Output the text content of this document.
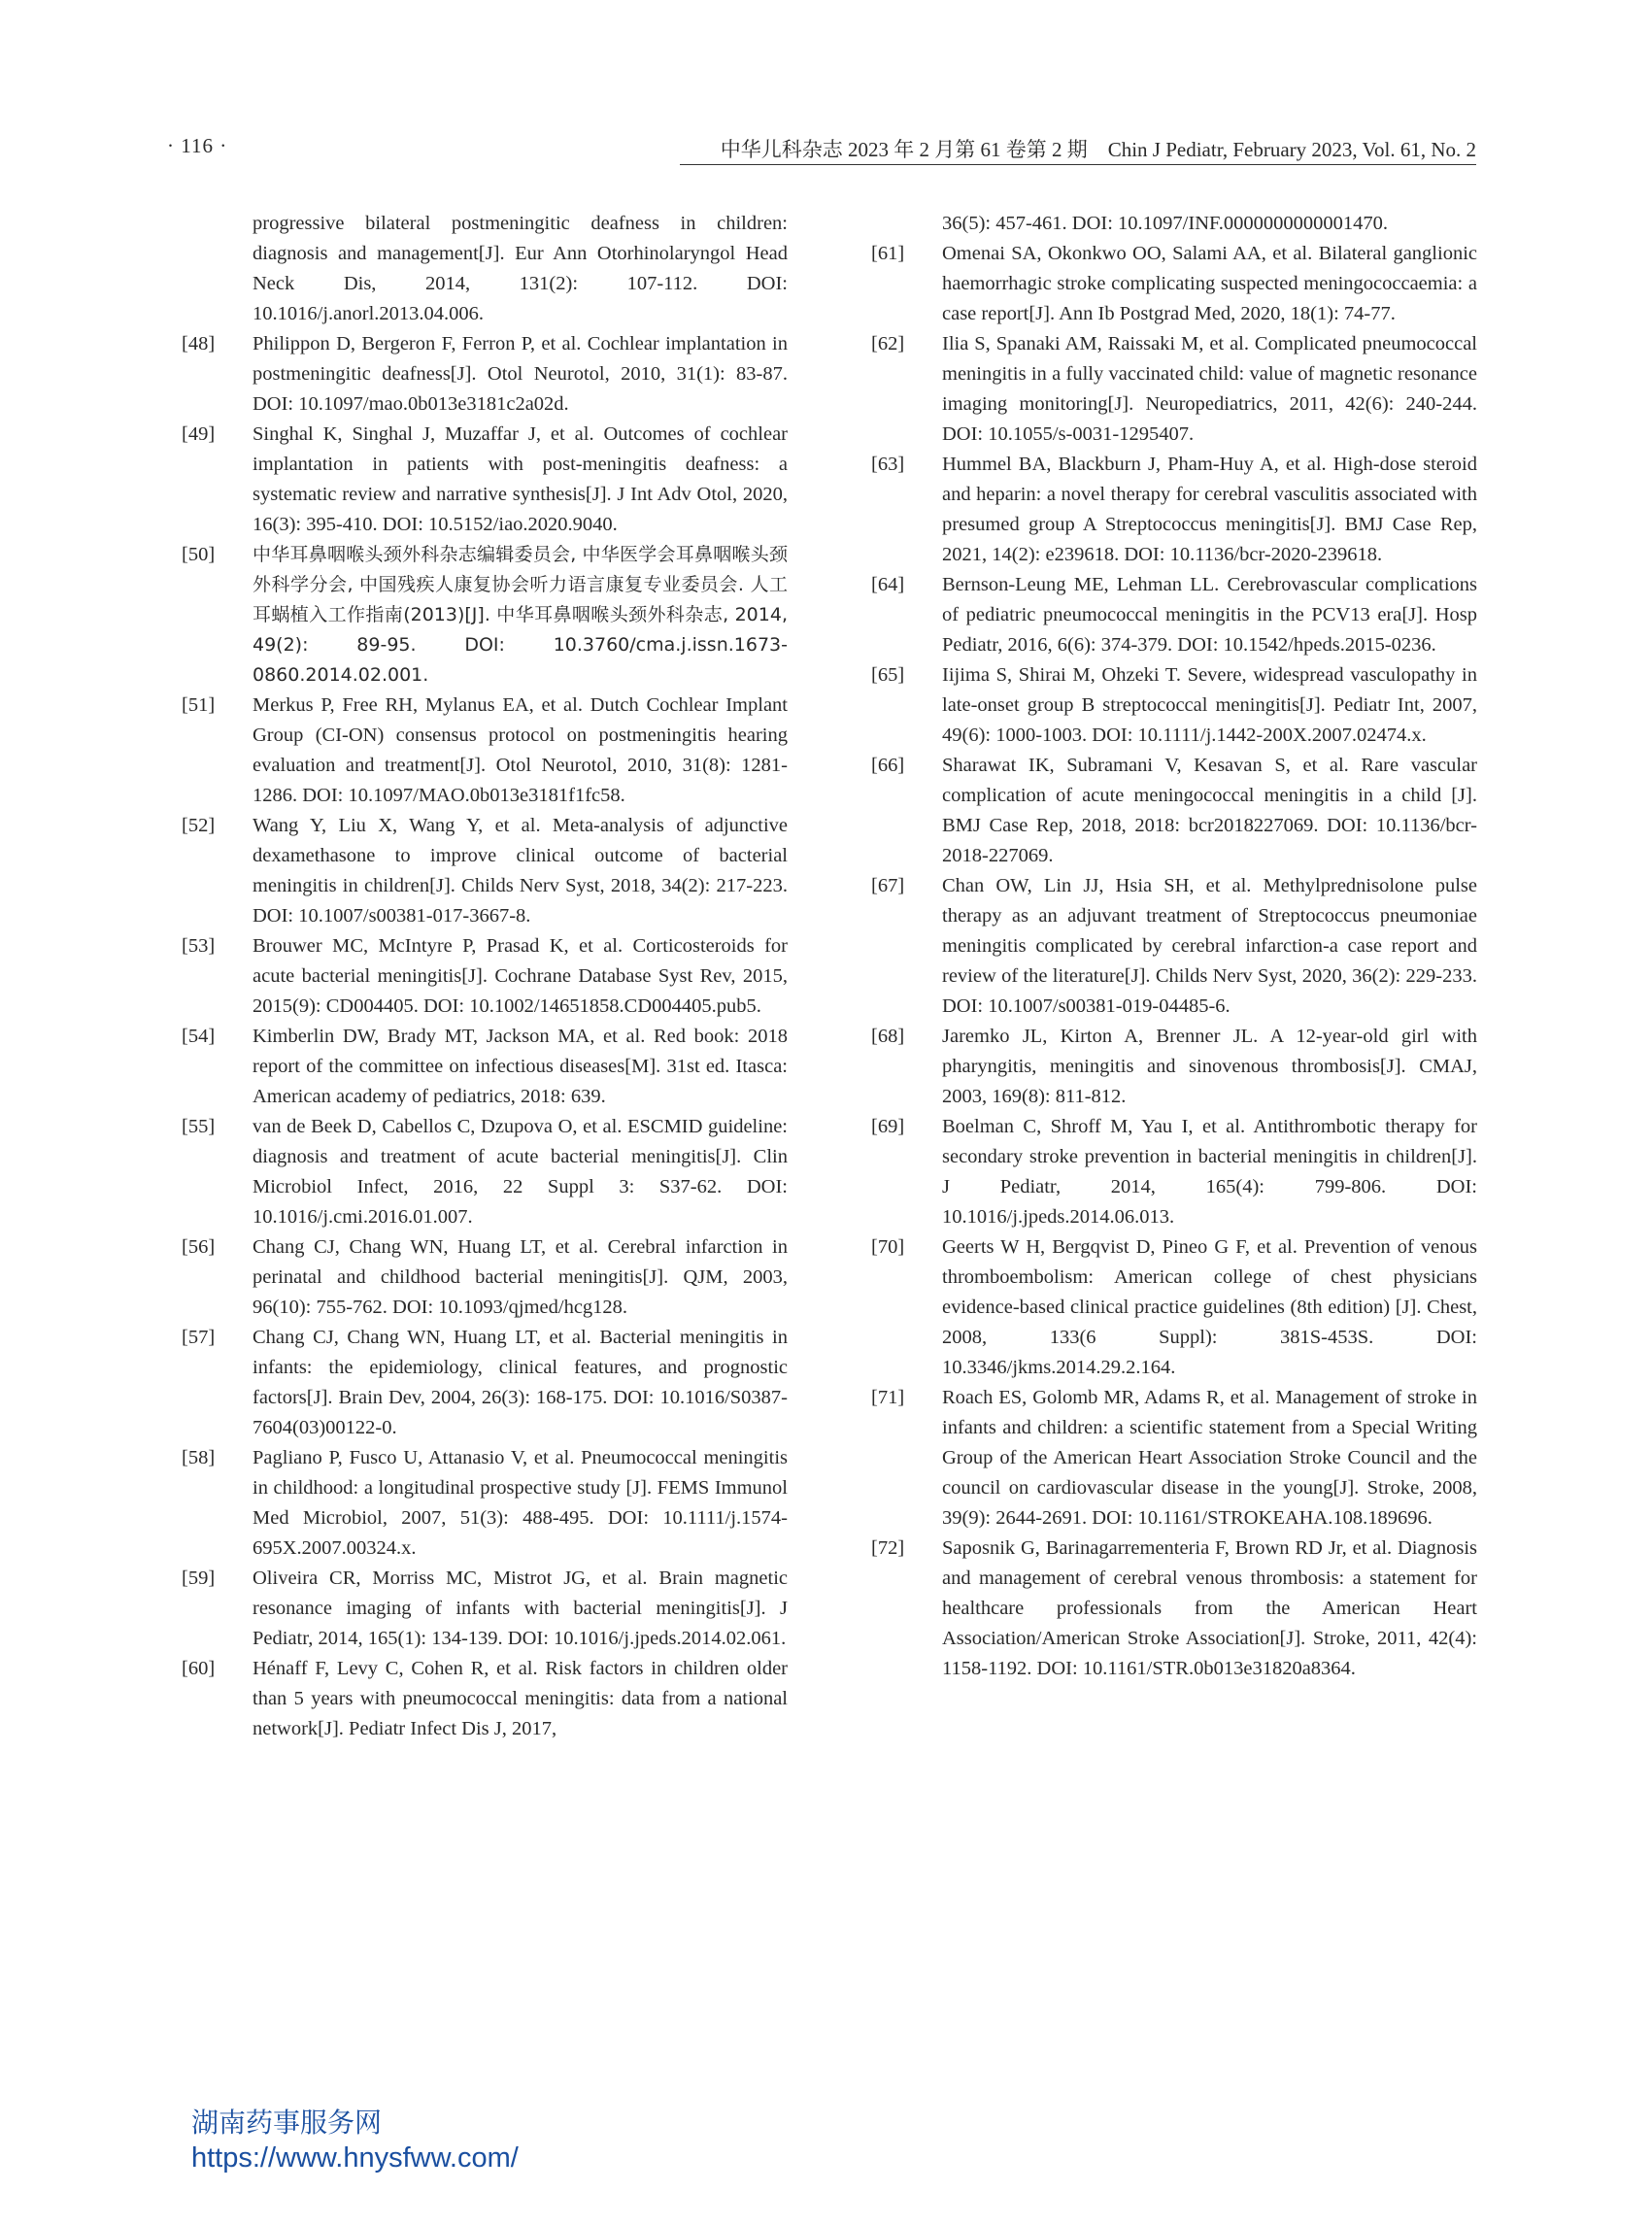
· 116 ·	中华儿科杂志 2023 年 2 月第 61 卷第 2 期　Chin J Pediatr, February 2023, Vol. 61, No. 2
progressive bilateral postmeningitic deafness in children: diagnosis and management[J]. Eur Ann Otorhinolaryngol Head Neck Dis, 2014, 131(2): 107-112. DOI: 10.1016/j.anorl.2013.04.006.
[48]	Philippon D, Bergeron F, Ferron P, et al. Cochlear implantation in postmeningitic deafness[J]. Otol Neurotol, 2010, 31(1): 83-87. DOI: 10.1097/mao.0b013e3181c2a02d.
[49]	Singhal K, Singhal J, Muzaffar J, et al. Outcomes of cochlear implantation in patients with post-meningitis deafness: a systematic review and narrative synthesis[J]. J Int Adv Otol, 2020, 16(3): 395-410. DOI: 10.5152/iao.2020.9040.
[50]	中华耳鼻咽喉头颈外科杂志编辑委员会, 中华医学会耳鼻咽喉头颈外科学分会, 中国残疾人康复协会听力语言康复专业委员会. 人工耳蜗植入工作指南(2013)[J]. 中华耳鼻咽喉头颈外科杂志, 2014, 49(2): 89-95. DOI: 10.3760/cma.j.issn.1673-0860.2014.02.001.
[51]	Merkus P, Free RH, Mylanus EA, et al. Dutch Cochlear Implant Group (CI-ON) consensus protocol on postmeningitis hearing evaluation and treatment[J]. Otol Neurotol, 2010, 31(8): 1281-1286. DOI: 10.1097/MAO.0b013e3181f1fc58.
[52]	Wang Y, Liu X, Wang Y, et al. Meta-analysis of adjunctive dexamethasone to improve clinical outcome of bacterial meningitis in children[J]. Childs Nerv Syst, 2018, 34(2): 217-223. DOI: 10.1007/s00381-017-3667-8.
[53]	Brouwer MC, McIntyre P, Prasad K, et al. Corticosteroids for acute bacterial meningitis[J]. Cochrane Database Syst Rev, 2015, 2015(9): CD004405. DOI: 10.1002/14651858.CD004405.pub5.
[54]	Kimberlin DW, Brady MT, Jackson MA, et al. Red book: 2018 report of the committee on infectious diseases[M]. 31st ed. Itasca: American academy of pediatrics, 2018: 639.
[55]	van de Beek D, Cabellos C, Dzupova O, et al. ESCMID guideline: diagnosis and treatment of acute bacterial meningitis[J]. Clin Microbiol Infect, 2016, 22 Suppl 3: S37-62. DOI: 10.1016/j.cmi.2016.01.007.
[56]	Chang CJ, Chang WN, Huang LT, et al. Cerebral infarction in perinatal and childhood bacterial meningitis[J]. QJM, 2003, 96(10): 755-762. DOI: 10.1093/qjmed/hcg128.
[57]	Chang CJ, Chang WN, Huang LT, et al. Bacterial meningitis in infants: the epidemiology, clinical features, and prognostic factors[J]. Brain Dev, 2004, 26(3): 168-175. DOI: 10.1016/S0387-7604(03)00122-0.
[58]	Pagliano P, Fusco U, Attanasio V, et al. Pneumococcal meningitis in childhood: a longitudinal prospective study [J]. FEMS Immunol Med Microbiol, 2007, 51(3): 488-495. DOI: 10.1111/j.1574-695X.2007.00324.x.
[59]	Oliveira CR, Morriss MC, Mistrot JG, et al. Brain magnetic resonance imaging of infants with bacterial meningitis[J]. J Pediatr, 2014, 165(1): 134-139. DOI: 10.1016/j.jpeds.2014.02.061.
[60]	Hénaff F, Levy C, Cohen R, et al. Risk factors in children older than 5 years with pneumococcal meningitis: data from a national network[J]. Pediatr Infect Dis J, 2017,
36(5): 457-461. DOI: 10.1097/INF.0000000000001470.
[61]	Omenai SA, Okonkwo OO, Salami AA, et al. Bilateral ganglionic haemorrhagic stroke complicating suspected meningococcaemia: a case report[J]. Ann Ib Postgrad Med, 2020, 18(1): 74-77.
[62]	Ilia S, Spanaki AM, Raissaki M, et al. Complicated pneumococcal meningitis in a fully vaccinated child: value of magnetic resonance imaging monitoring[J]. Neuropediatrics, 2011, 42(6): 240-244. DOI: 10.1055/s-0031-1295407.
[63]	Hummel BA, Blackburn J, Pham-Huy A, et al. High-dose steroid and heparin: a novel therapy for cerebral vasculitis associated with presumed group A Streptococcus meningitis[J]. BMJ Case Rep, 2021, 14(2): e239618. DOI: 10.1136/bcr-2020-239618.
[64]	Bernson-Leung ME, Lehman LL. Cerebrovascular complications of pediatric pneumococcal meningitis in the PCV13 era[J]. Hosp Pediatr, 2016, 6(6): 374-379. DOI: 10.1542/hpeds.2015-0236.
[65]	Iijima S, Shirai M, Ohzeki T. Severe, widespread vasculopathy in late-onset group B streptococcal meningitis[J]. Pediatr Int, 2007, 49(6): 1000-1003. DOI: 10.1111/j.1442-200X.2007.02474.x.
[66]	Sharawat IK, Subramani V, Kesavan S, et al. Rare vascular complication of acute meningococcal meningitis in a child [J]. BMJ Case Rep, 2018, 2018: bcr2018227069. DOI: 10.1136/bcr-2018-227069.
[67]	Chan OW, Lin JJ, Hsia SH, et al. Methylprednisolone pulse therapy as an adjuvant treatment of Streptococcus pneumoniae meningitis complicated by cerebral infarction-a case report and review of the literature[J]. Childs Nerv Syst, 2020, 36(2): 229-233. DOI: 10.1007/s00381-019-04485-6.
[68]	Jaremko JL, Kirton A, Brenner JL. A 12-year-old girl with pharyngitis, meningitis and sinovenous thrombosis[J]. CMAJ, 2003, 169(8): 811-812.
[69]	Boelman C, Shroff M, Yau I, et al. Antithrombotic therapy for secondary stroke prevention in bacterial meningitis in children[J]. J Pediatr, 2014, 165(4): 799-806. DOI: 10.1016/j.jpeds.2014.06.013.
[70]	Geerts W H, Bergqvist D, Pineo G F, et al. Prevention of venous thromboembolism: American college of chest physicians evidence-based clinical practice guidelines (8th edition) [J]. Chest, 2008, 133(6 Suppl): 381S-453S. DOI: 10.3346/jkms.2014.29.2.164.
[71]	Roach ES, Golomb MR, Adams R, et al. Management of stroke in infants and children: a scientific statement from a Special Writing Group of the American Heart Association Stroke Council and the council on cardiovascular disease in the young[J]. Stroke, 2008, 39(9): 2644-2691. DOI: 10.1161/STROKEAHA.108.189696.
[72]	Saposnik G, Barinagarrementeria F, Brown RD Jr, et al. Diagnosis and management of cerebral venous thrombosis: a statement for healthcare professionals from the American Heart Association/American Stroke Association[J]. Stroke, 2011, 42(4): 1158-1192. DOI: 10.1161/STR.0b013e31820a8364.
湖南药事服务网
https://www.hnysfww.com/
